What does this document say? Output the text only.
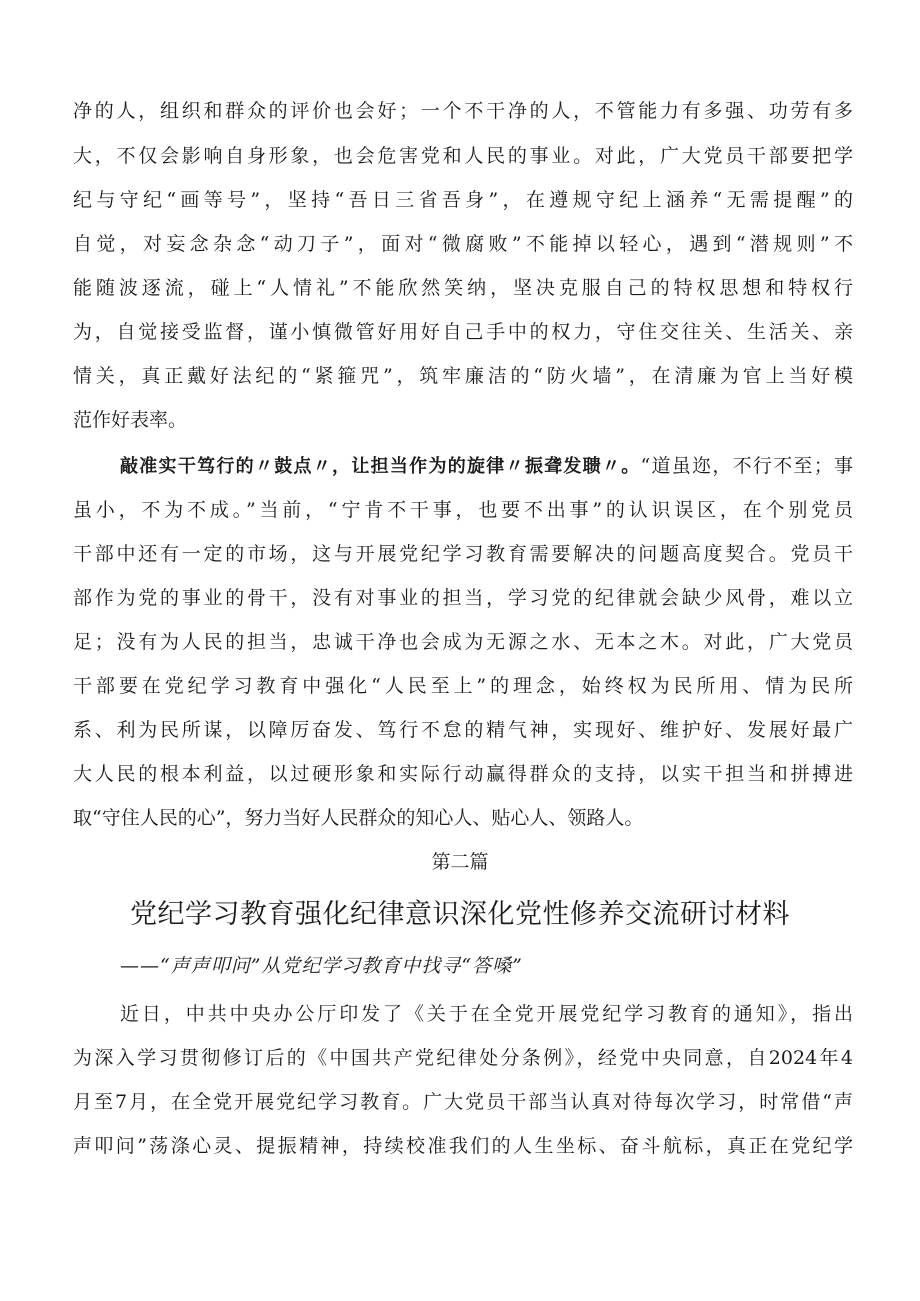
净的人，组织和群众的评价也会好；一个不干净的人，不管能力有多强、功劳有多
大，不仅会影响自身形象，也会危害党和人民的事业。对此，广大党员干部要把学
纪与守纪“画等号”，坚持“吾日三省吾身”，在遵规守纪上涵养“无需提醒”的
自觉，对妄念杂念“动刀子”，面对“微腐败”不能掉以轻心，遇到“潜规则”不
能随波逐流，碰上“人情礼”不能欣然笑纳，坚决克服自己的特权思想和特权行
为，自觉接受监督，谨小慎微管好用好自己手中的权力，守住交往关、生活关、亲
情关，真正戴好法纪的“紧箍咒”，筑牢廉洁的“防火墙”，在清廉为官上当好模
范作好表率。
敲准实干笃行的〃鼓点〃，让担当作为的旋律〃振聋发聩〃。“道虽迩，不行不至；事
虽小，不为不成。”当前，“宁肯不干事，也要不出事”的认识误区，在个别党员
干部中还有一定的市场，这与开展党纪学习教育需要解决的问题高度契合。党员干
部作为党的事业的骨干，没有对事业的担当，学习党的纪律就会缺少风骨，难以立
足；没有为人民的担当，忠诚干净也会成为无源之水、无本之木。对此，广大党员
干部要在党纪学习教育中强化“人民至上”的理念，始终权为民所用、情为民所
系、利为民所谋，以障厉奋发、笃行不怠的精气神，实现好、维护好、发展好最广
大人民的根本利益，以过硬形象和实际行动赢得群众的支持，以实干担当和拼搏进
取“守住人民的心”，努力当好人民群众的知心人、贴心人、领路人。
第二篇
党纪学习教育强化纪律意识深化党性修养交流研讨材料
——“声声叩问”从党纪学习教育中找寻“答嗓”
近日，中共中央办公厅印发了《关于在全党开展党纪学习教育的通知》，指出
为深入学习贯彻修订后的《中国共产党纪律处分条例》，经党中央同意，自2024年4
月至7月，在全党开展党纪学习教育。广大党员干部当认真对待每次学习，时常借“声
声叩问”荡涤心灵、提振精神，持续校准我们的人生坐标、奋斗航标，真正在党纪学
